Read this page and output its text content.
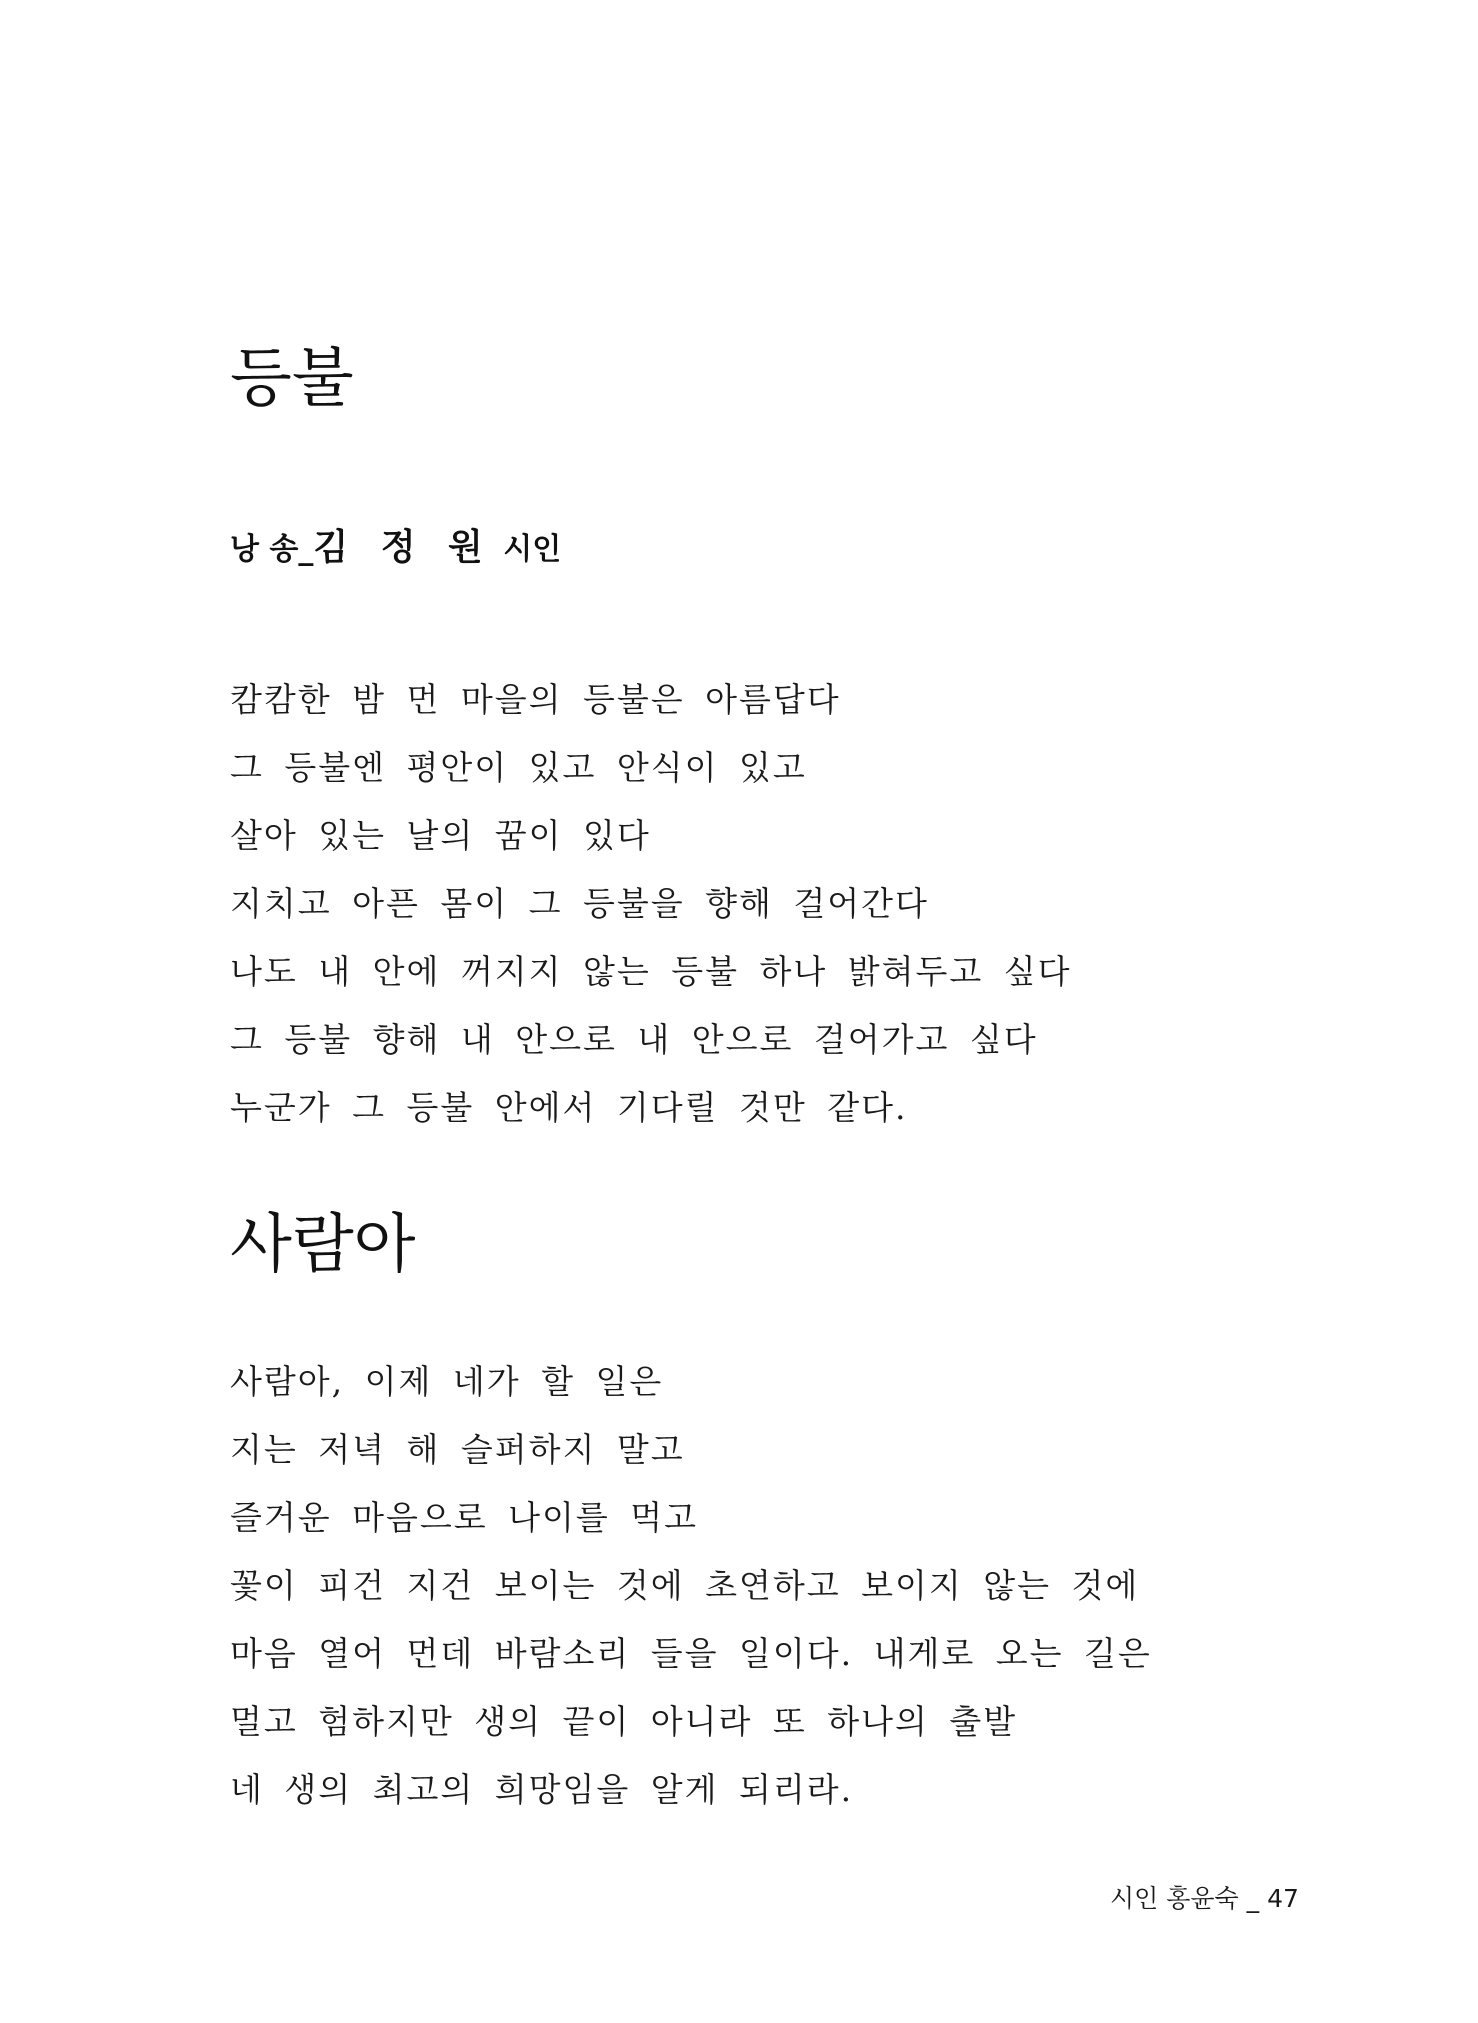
등불
낭 송_김 정 원 시인
캄캄한 밤 먼 마을의 등불은 아름답다
그 등불엔 평안이 있고 안식이 있고
살아 있는 날의 꿈이 있다
지치고 아픈 몸이 그 등불을 향해 걸어간다
나도 내 안에 꺼지지 않는 등불 하나 밝혀두고 싶다
그 등불 향해 내 안으로 내 안으로 걸어가고 싶다
누군가 그 등불 안에서 기다릴 것만 같다.
사람아
사람아, 이제 네가 할 일은
지는 저녁 해 슬퍼하지 말고
즐거운 마음으로 나이를 먹고
꽃이 피건 지건 보이는 것에 초연하고 보이지 않는 것에
마음 열어 먼데 바람소리 들을 일이다. 내게로 오는 길은
멀고 험하지만 생의 끝이 아니라 또 하나의 출발
네 생의 최고의 희망임을 알게 되리라.
시인 홍윤숙 _ 47
